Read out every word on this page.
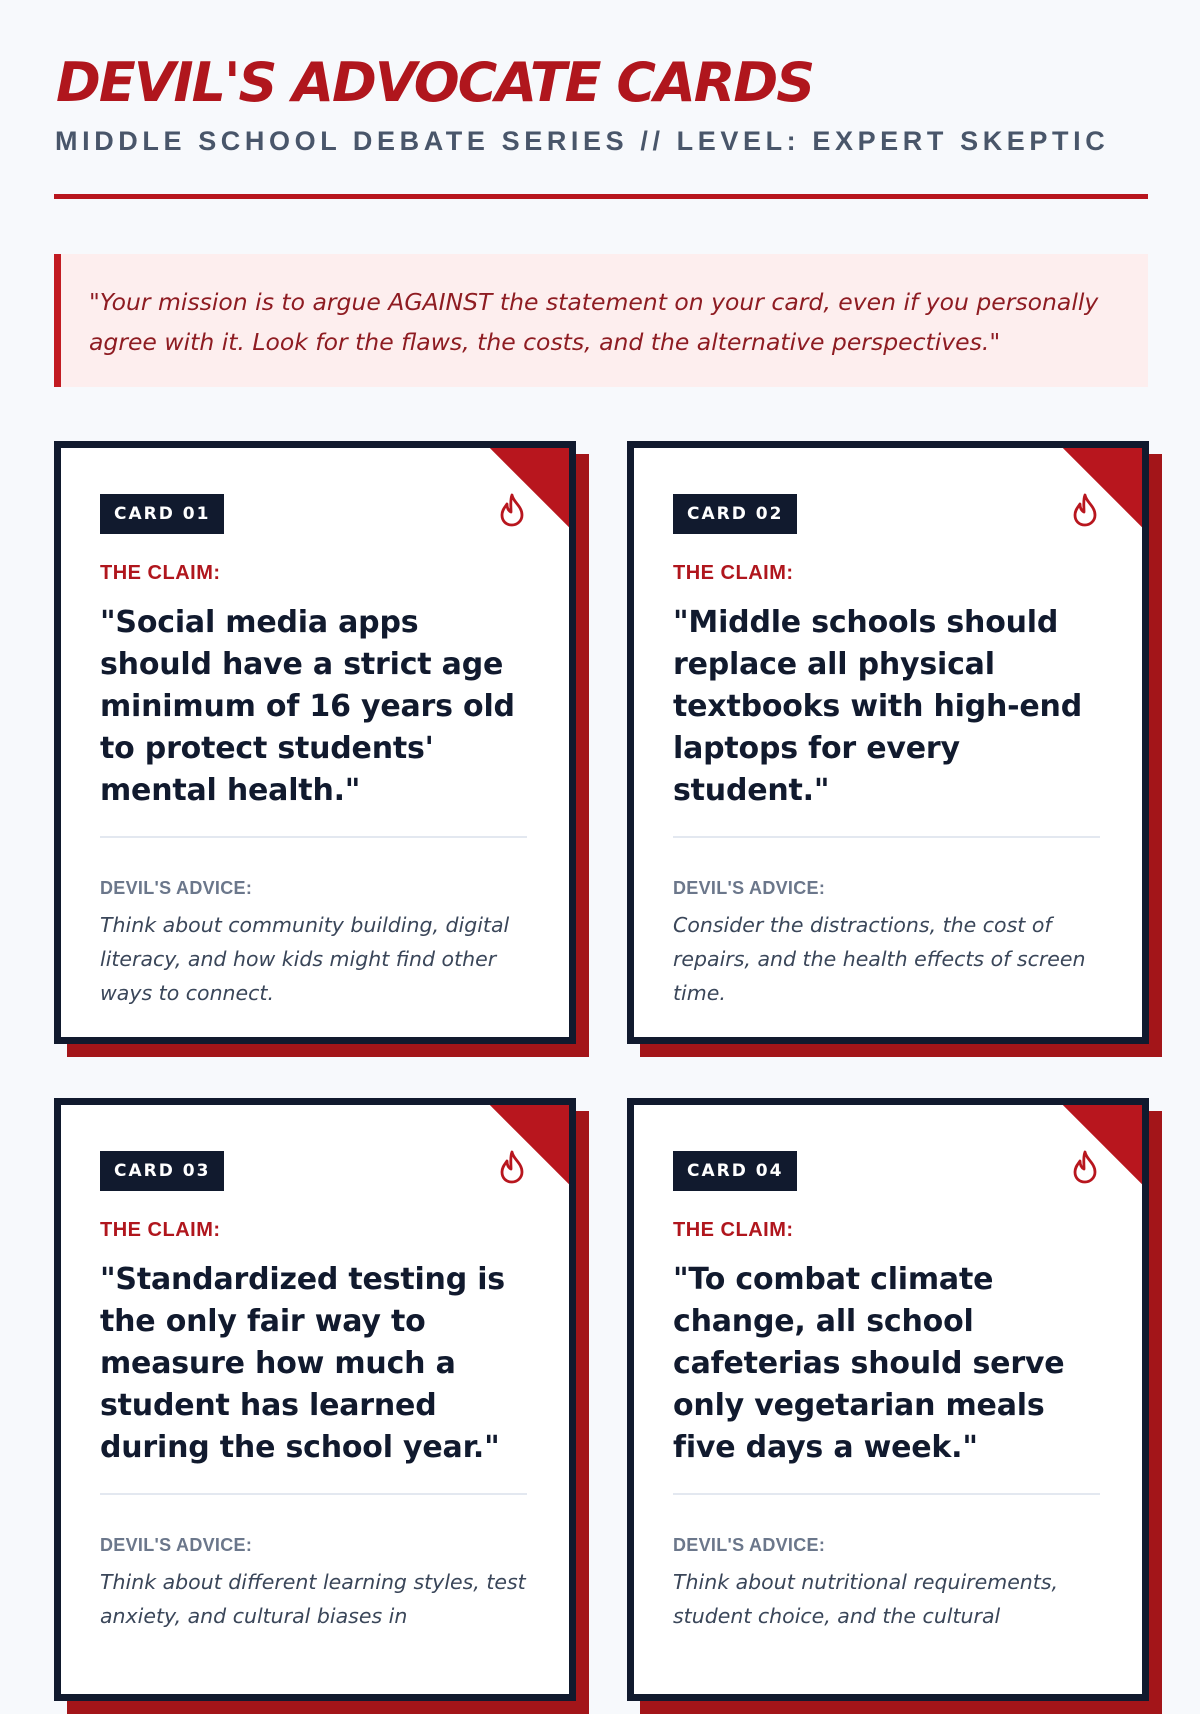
DEVIL'S ADVOCATE CARDS
MIDDLE SCHOOL DEBATE SERIES // LEVEL: EXPERT SKEPTIC

"Your mission is to argue AGAINST the statement on your card, even if you personally agree with it. Look for the flaws, the costs, and the alternative perspectives."

CARD 01
THE CLAIM:

"Social media apps should have a strict age minimum of 16 years old to protect students' mental health."

DEVIL'S ADVICE:

Think about community building, digital literacy, and how kids might find other ways to connect.

CARD 02
THE CLAIM:

"Middle schools should replace all physical textbooks with high-end laptops for every student."

DEVIL'S ADVICE:

Consider the distractions, the cost of repairs, and the health effects of screen time.

CARD 03
THE CLAIM:

"Standardized testing is the only fair way to measure how much a student has learned during the school year."

DEVIL'S ADVICE:

Think about different learning styles, test anxiety, and cultural biases in

CARD 04
THE CLAIM:

"To combat climate change, all school cafeterias should serve only vegetarian meals five days a week."

DEVIL'S ADVICE:

Think about nutritional requirements, student choice, and the cultural
